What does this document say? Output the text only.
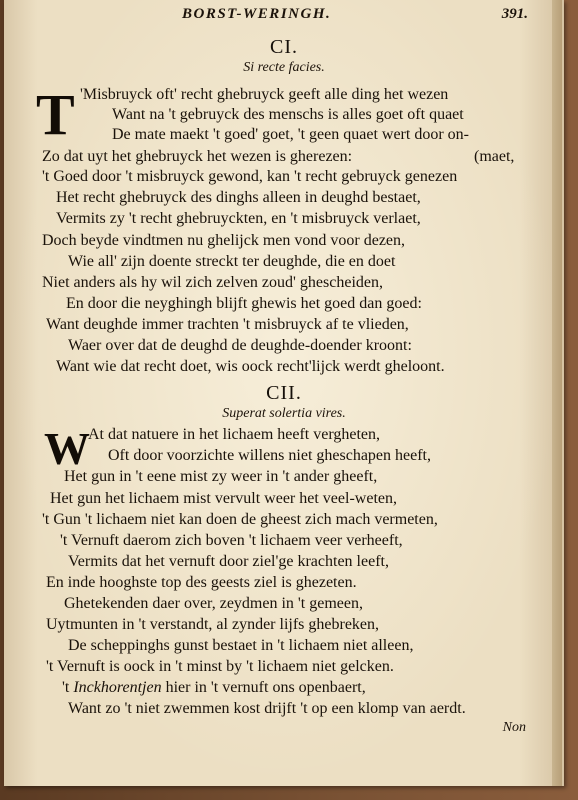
BORST-WERINGH.	391.
CI.
Si recte facies.
T 'Misbruyck oft' recht ghebruyck geeft alle ding het wezen
Want na 't gebruyck des menschs is alles goet oft quaet
De mate maekt 't goed' goet, 't geen quaet wert door on-
Zo dat uyt het ghebruyck het wezen is gherezen:	(maet,
't Goed door 't misbruyck gewond, kan 't recht gebruyck genezen
Het recht ghebruyck des dinghs alleen in deughd bestaet,
Vermits zy 't recht ghebruyckten, en 't misbruyck verlaet,
Doch beyde vindtmen nu ghelijck men vond voor dezen,
Wie all' zijn doente streckt ter deughde, die en doet
Niet anders als hy wil zich zelven zoud' ghescheiden,
En door die neyghingh blijft ghewis het goed dan goed:
Want deughde immer trachten 't misbruyck af te vlieden,
Waer over dat de deughd de deughde-doender kroont:
Want wie dat recht doet, wis oock recht'lijck werdt gheloont.
CII.
Superat solertia vires.
W
At dat natuere in het lichaem heeft vergheten,
Oft door voorzichte willens niet gheschapen heeft,
Het gun in 't eene mist zy weer in 't ander gheeft,
Het gun het lichaem mist vervult weer het veel-weten,
't Gun 't lichaem niet kan doen de gheest zich mach vermeten,
't Vernuft daerom zich boven 't lichaem veer verheeft,
Vermits dat het vernuft door ziel'ge krachten leeft,
En inde hooghste top des geests ziel is ghezeten.
Ghetekenden daer over, zeydmen in 't gemeen,
Uytmunten in 't verstandt, al zynder lijfs ghebreken,
De scheppinghs gunst bestaet in 't lichaem niet alleen,
't Vernuft is oock in 't minst by 't lichaem niet gelcken.
't Inckhorentjen hier in 't vernuft ons openbaert,
Want zo 't niet zwemmen kost drijft 't op een klomp van aerdt.
Non
